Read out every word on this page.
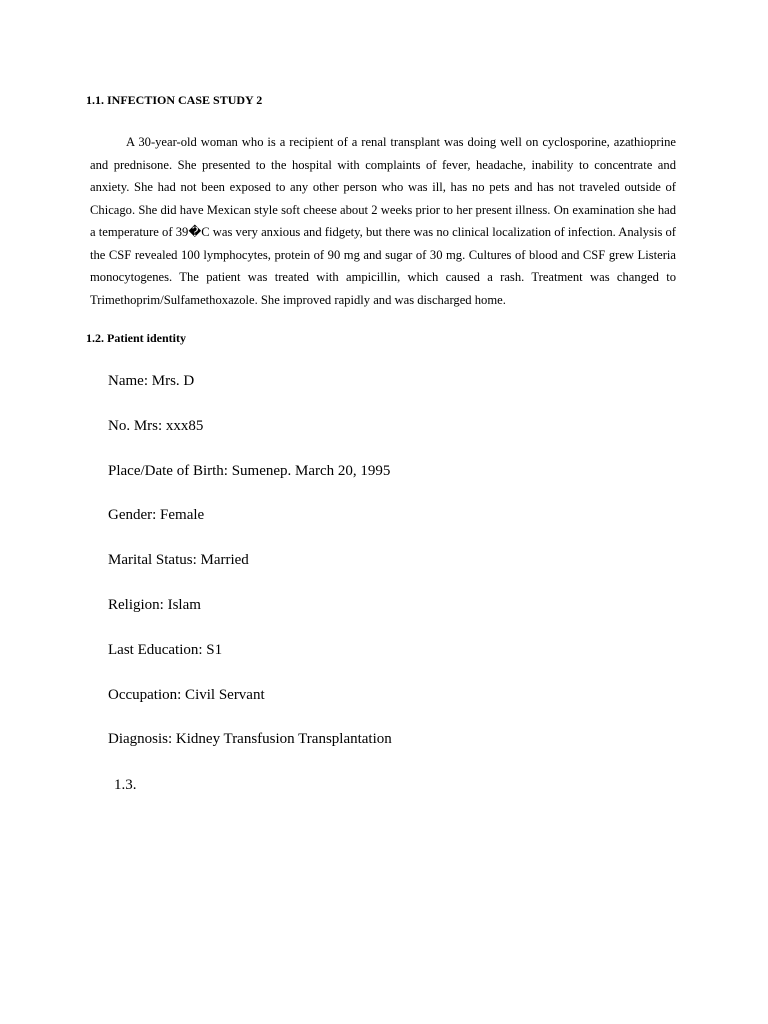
1.1. INFECTION CASE STUDY 2

A 30-year-old woman who is a recipient of a renal transplant was doing well on cyclosporine, azathioprine and prednisone. She presented to the hospital with complaints of fever, headache, inability to concentrate and anxiety. She had not been exposed to any other person who was ill, has no pets and has not traveled outside of Chicago. She did have Mexican style soft cheese about 2 weeks prior to her present illness. On examination she had a temperature of 39�C was very anxious and fidgety, but there was no clinical localization of infection. Analysis of the CSF revealed 100 lymphocytes, protein of 90 mg and sugar of 30 mg. Cultures of blood and CSF grew Listeria monocytogenes. The patient was treated with ampicillin, which caused a rash. Treatment was changed to Trimethoprim/Sulfamethoxazole. She improved rapidly and was discharged home.

1.2. Patient identity
Name: Mrs. D
No. Mrs: xxx85
Place/Date of Birth: Sumenep. March 20, 1995
Gender: Female
Marital Status: Married
Religion: Islam
Last Education: S1
Occupation: Civil Servant
Diagnosis: Kidney Transfusion Transplantation
1.3.
